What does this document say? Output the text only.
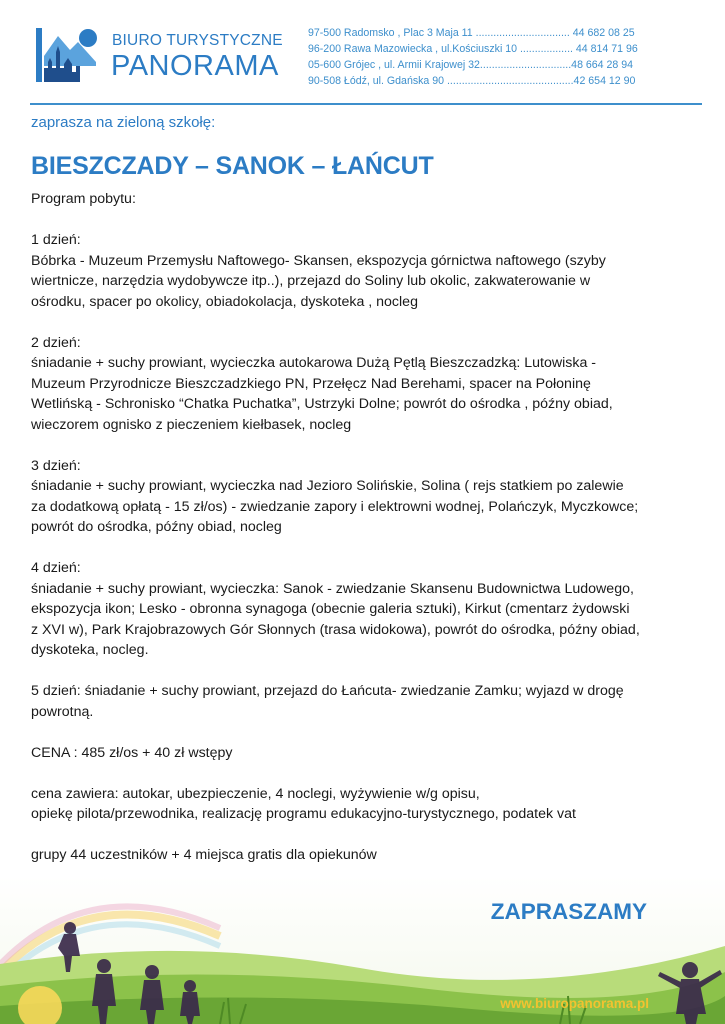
BIURO TURYSTYCZNE
PANORAMA
97-500 Radomsko , Plac 3 Maja 11 ................................ 44 682 08 25
96-200 Rawa Mazowiecka , ul.Kościuszki 10 .................. 44 814 71 96
05-600 Grójec , ul. Armii Krajowej 32...............................48 664 28 94
90-508 Łódź, ul. Gdańska 90 ...........................................42 654 12 90
zaprasza na zieloną szkołę:
BIESZCZADY – SANOK – ŁAŃCUT

Program pobytu:

1 dzień:

Bóbrka - Muzeum Przemysłu Naftowego- Skansen, ekspozycja górnictwa naftowego (szyby

wiertnicze, narzędzia wydobywcze itp..), przejazd do Soliny lub okolic, zakwaterowanie w

ośrodku, spacer po okolicy, obiadokolacja, dyskoteka , nocleg

2 dzień:

śniadanie + suchy prowiant, wycieczka autokarowa Dużą Pętlą Bieszczadzką: Lutowiska -

Muzeum Przyrodnicze Bieszczadzkiego PN, Przełęcz Nad Berehami, spacer na Połoninę

Wetlińską - Schronisko “Chatka Puchatka”, Ustrzyki Dolne; powrót do ośrodka , późny obiad,

wieczorem ognisko z pieczeniem kiełbasek, nocleg

3 dzień:

śniadanie + suchy prowiant, wycieczka nad Jezioro Solińskie, Solina ( rejs statkiem po zalewie

za dodatkową opłatą - 15 zł/os) - zwiedzanie zapory i elektrowni wodnej, Polańczyk, Myczkowce;

powrót do ośrodka, późny obiad, nocleg

4 dzień:

śniadanie + suchy prowiant, wycieczka: Sanok - zwiedzanie Skansenu Budownictwa Ludowego,

ekspozycja ikon; Lesko - obronna synagoga (obecnie galeria sztuki), Kirkut (cmentarz żydowski

z XVI w), Park Krajobrazowych Gór Słonnych (trasa widokowa), powrót do ośrodka, późny obiad,

dyskoteka, nocleg.

5 dzień: śniadanie + suchy prowiant, przejazd do Łańcuta- zwiedzanie Zamku; wyjazd w drogę

powrotną.

CENA : 485 zł/os + 40 zł wstępy

cena zawiera: autokar, ubezpieczenie, 4 noclegi, wyżywienie w/g opisu,

opiekę pilota/przewodnika, realizację programu edukacyjno-turystycznego, podatek vat

grupy 44 uczestników + 4 miejsca gratis dla opiekunów

ZAPRASZAMY
www.biuropanorama.pl
